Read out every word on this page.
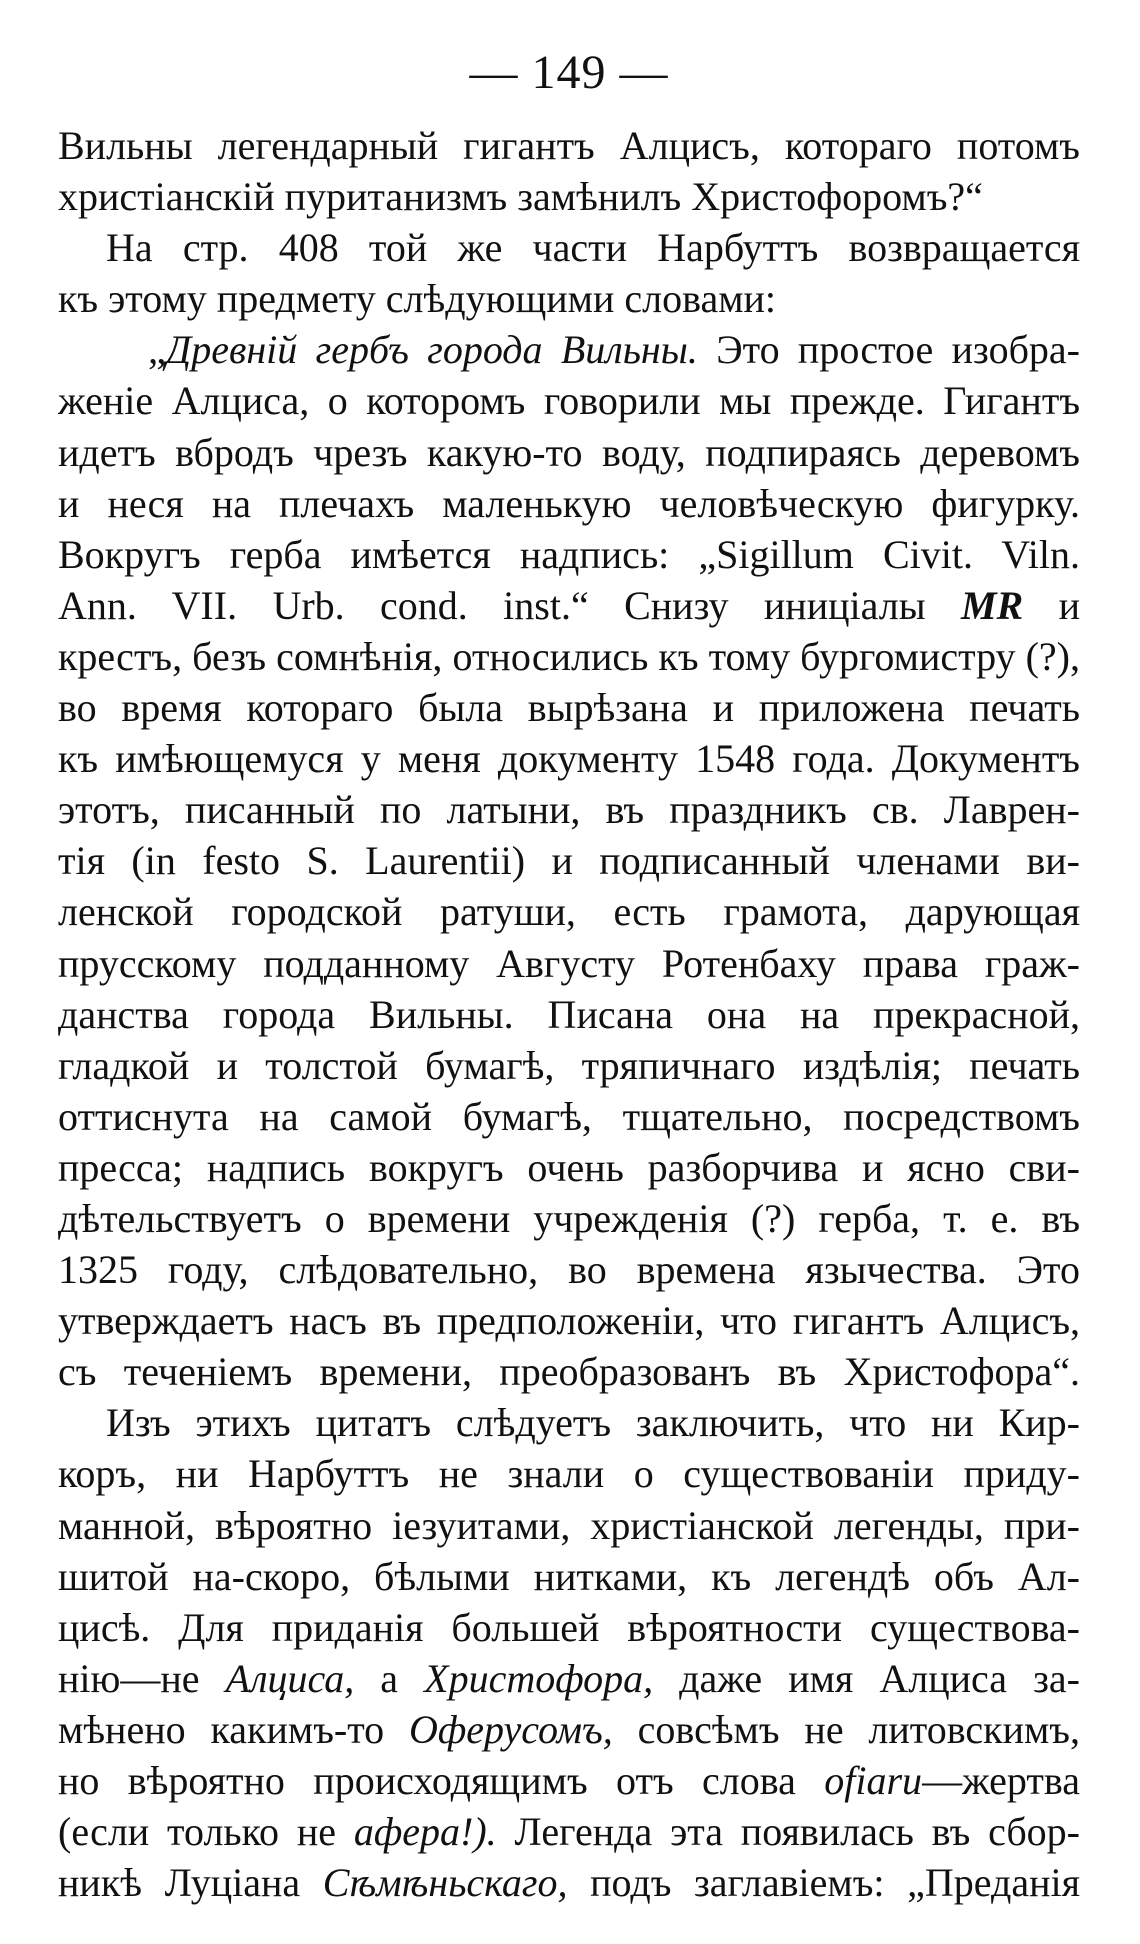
— 149 —
Вильны легендарный гигантъ Алцисъ, котораго потомъ
христіанскій пуританизмъ замѣнилъ Христофоромъ?“
На стр. 408 той же части Нарбуттъ возвращается
къ этому предмету слѣдующими словами:
„Древній гербъ города Вильны. Это простое изобра-
женіе Алциса, о которомъ говорили мы прежде. Гигантъ
идетъ вбродъ чрезъ какую-то воду, подпираясь деревомъ
и неся на плечахъ маленькую человѣческую фигурку.
Вокругъ герба имѣется надпись: „Sigillum Civit. Viln.
Ann. VII. Urb. cond. inst.“ Снизу иниціалы MR и
крестъ, безъ сомнѣнія, относились къ тому бургомистру (?),
во время котораго была вырѣзана и приложена печать
къ имѣющемуся у меня документу 1548 года. Документъ
этотъ, писанный по латыни, въ праздникъ св. Лаврен-
тія (in festo S. Laurentii) и подписанный членами ви-
ленской городской ратуши, есть грамота, дарующая
прусскому подданному Августу Ротенбаху права граж-
данства города Вильны. Писана она на прекрасной,
гладкой и толстой бумагѣ, тряпичнаго издѣлія; печать
оттиснута на самой бумагѣ, тщательно, посредствомъ
пресса; надпись вокругъ очень разборчива и ясно сви-
дѣтельствуетъ о времени учрежденія (?) герба, т. е. въ
1325 году, слѣдовательно, во времена язычества. Это
утверждаетъ насъ въ предположеніи, что гигантъ Алцисъ,
съ теченіемъ времени, преобразованъ въ Христофора“.
Изъ этихъ цитатъ слѣдуетъ заключить, что ни Кир-
коръ, ни Нарбуттъ не знали о существованіи приду-
манной, вѣроятно іезуитами, христіанской легенды, при-
шитой на-скоро, бѣлыми нитками, къ легендѣ объ Ал-
цисѣ. Для приданія большей вѣроятности существова-
нію—не Алциса, а Христофора, даже имя Алциса за-
мѣнено какимъ-то Оферусомъ, совсѣмъ не литовскимъ,
но вѣроятно происходящимъ отъ слова ofiaru—жертва
(если только не афера!). Легенда эта появилась въ сбор-
никѣ Луціана Сѣмѣньскаго, подъ заглавіемъ: „Преданія
